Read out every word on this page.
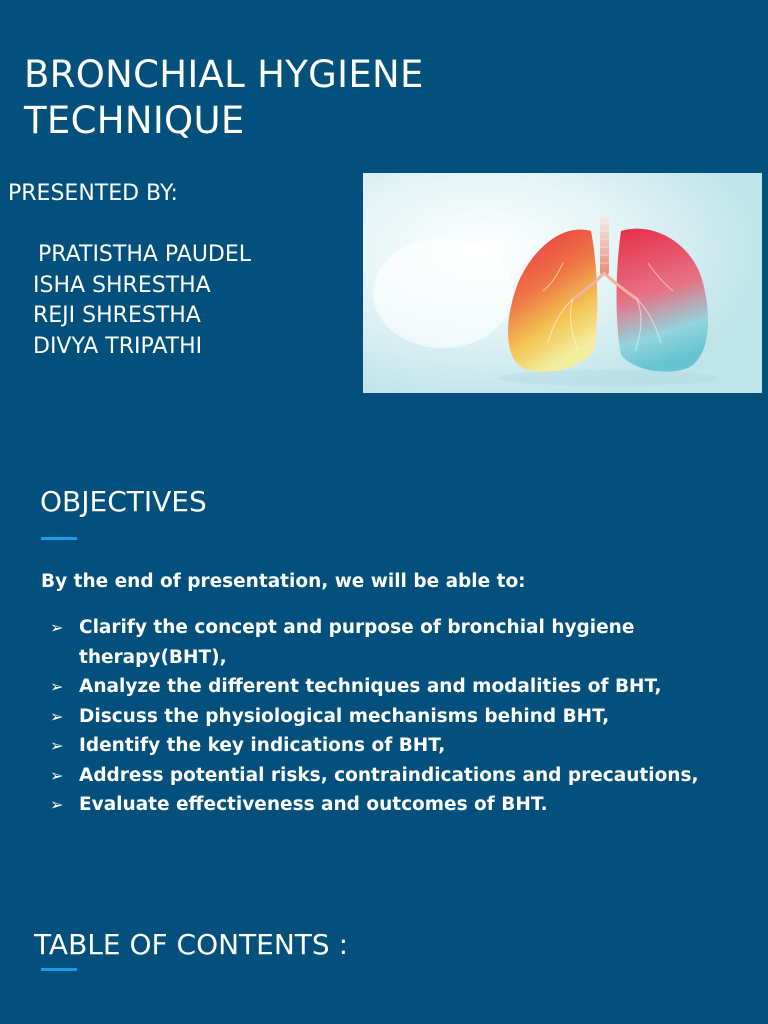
BRONCHIAL HYGIENE
TECHNIQUE
PRESENTED BY:
PRATISTHA PAUDEL
ISHA SHRESTHA
REJI SHRESTHA
DIVYA TRIPATHI
OBJECTIVES
By the end of presentation, we will be able to:
➢ Clarify the concept and purpose of bronchial hygiene therapy(BHT),
➢ Analyze the different techniques and modalities of BHT,
➢ Discuss the physiological mechanisms behind BHT,
➢ Identify the key indications of BHT,
➢ Address potential risks, contraindications and precautions,
➢ Evaluate effectiveness and outcomes of BHT.
TABLE OF CONTENTS :
